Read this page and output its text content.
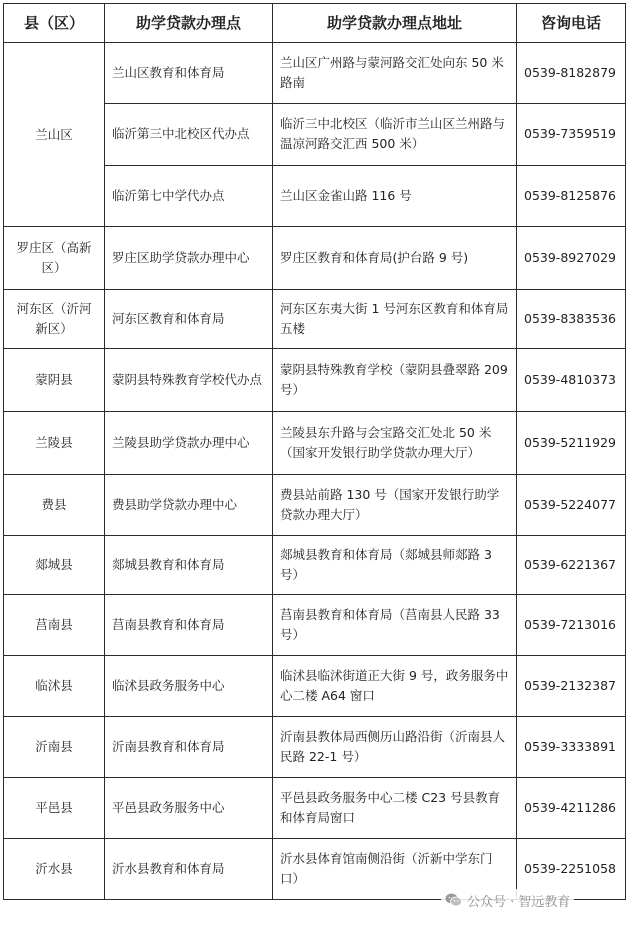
县（区）	助学贷款办理点	助学贷款办理点地址	咨询电话
兰山区	兰山区教育和体育局	兰山区广州路与蒙河路交汇处向东 50 米路南	0539-8182879
	临沂第三中北校区代办点	临沂三中北校区（临沂市兰山区兰州路与温凉河路交汇西 500 米）	0539-7359519
	临沂第七中学代办点	兰山区金雀山路 116 号	0539-8125876
罗庄区（高新区）	罗庄区助学贷款办理中心	罗庄区教育和体育局(护台路 9 号)	0539-8927029
河东区（沂河新区）	河东区教育和体育局	河东区东夷大街 1 号河东区教育和体育局五楼	0539-8383536
蒙阴县	蒙阴县特殊教育学校代办点	蒙阴县特殊教育学校（蒙阴县叠翠路 209 号）	0539-4810373
兰陵县	兰陵县助学贷款办理中心	兰陵县东升路与会宝路交汇处北 50 米（国家开发银行助学贷款办理大厅）	0539-5211929
费县	费县助学贷款办理中心	费县站前路 130 号（国家开发银行助学贷款办理大厅）	0539-5224077
郯城县	郯城县教育和体育局	郯城县教育和体育局（郯城县师郯路 3 号）	0539-6221367
莒南县	莒南县教育和体育局	莒南县教育和体育局（莒南县人民路 33 号）	0539-7213016
临沭县	临沭县政务服务中心	临沭县临沭街道正大街 9 号，政务服务中心二楼 A64 窗口	0539-2132387
沂南县	沂南县教育和体育局	沂南县教体局西侧历山路沿街（沂南县人民路 22-1 号）	0539-3333891
平邑县	平邑县政务服务中心	平邑县政务服务中心二楼 C23 号县教育和体育局窗口	0539-4211286
沂水县	沂水县教育和体育局	沂水县体育馆南侧沿街（沂新中学东门口）	0539-2251058
公众号 · 智远教育
